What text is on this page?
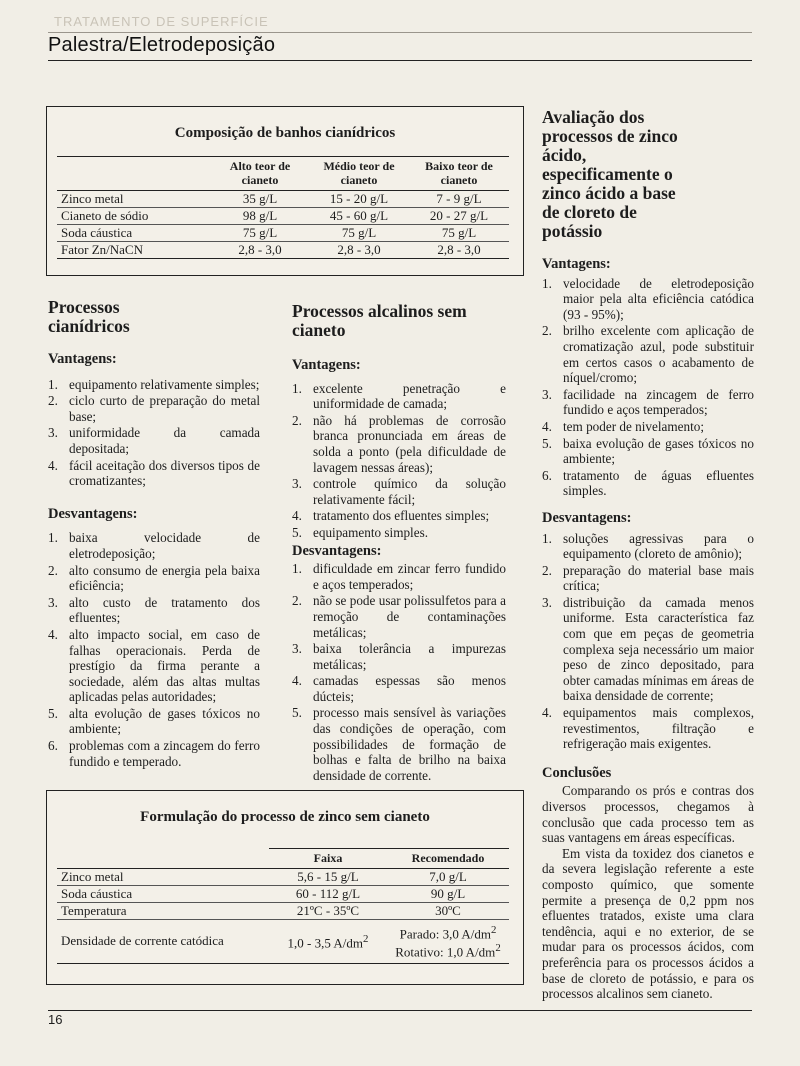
TRATAMENTO DE SUPERFÍCIE
Palestra/Eletrodeposição
Composição de banhos cianídricos
	Alto teor de cianeto	Médio teor de cianeto	Baixo teor de cianeto
Zinco metal	35 g/L	15 - 20 g/L	7 - 9 g/L
Cianeto de sódio	98 g/L	45 - 60 g/L	20 - 27 g/L
Soda cáustica	75 g/L	75 g/L	75 g/L
Fator Zn/NaCN	2,8 - 3,0	2,8 - 3,0	2,8 - 3,0
Processos cianídricos
Vantagens:
1. equipamento relativamente simples;
2. ciclo curto de preparação do metal base;
3. uniformidade da camada depositada;
4. fácil aceitação dos diversos tipos de cromatizantes;
Desvantagens:
1. baixa velocidade de eletrodeposição;
2. alto consumo de energia pela baixa eficiência;
3. alto custo de tratamento dos efluentes;
4. alto impacto social, em caso de falhas operacionais. Perda de prestígio da firma perante a sociedade, além das altas multas aplicadas pelas autoridades;
5. alta evolução de gases tóxicos no ambiente;
6. problemas com a zincagem do ferro fundido e temperado.
Processos alcalinos sem cianeto
Vantagens:
1. excelente penetração e uniformidade de camada;
2. não há problemas de corrosão branca pronunciada em áreas de solda a ponto (pela dificuldade de lavagem nessas áreas);
3. controle químico da solução relativamente fácil;
4. tratamento dos efluentes simples;
5. equipamento simples.
Desvantagens:
1. dificuldade em zincar ferro fundido e aços temperados;
2. não se pode usar polissulfetos para a remoção de contaminações metálicas;
3. baixa tolerância a impurezas metálicas;
4. camadas espessas são menos dúcteis;
5. processo mais sensível às variações das condições de operação, com possibilidades de formação de bolhas e falta de brilho na baixa densidade de corrente.
Avaliação dos processos de zinco ácido, especificamente o zinco ácido a base de cloreto de potássio
Vantagens:
1. velocidade de eletrodeposição maior pela alta eficiência catódica (93 - 95%);
2. brilho excelente com aplicação de cromatização azul, pode substituir em certos casos o acabamento de níquel/cromo;
3. facilidade na zincagem de ferro fundido e aços temperados;
4. tem poder de nivelamento;
5. baixa evolução de gases tóxicos no ambiente;
6. tratamento de águas efluentes simples.
Desvantagens:
1. soluções agressivas para o equipamento (cloreto de amônio);
2. preparação do material base mais crítica;
3. distribuição da camada menos uniforme. Esta característica faz com que em peças de geometria complexa seja necessário um maior peso de zinco depositado, para obter camadas mínimas em áreas de baixa densidade de corrente;
4. equipamentos mais complexos, revestimentos, filtração e refrigeração mais exigentes.
Conclusões

Comparando os prós e contras dos diversos processos, chegamos à conclusão que cada processo tem as suas vantagens em áreas específicas.

Em vista da toxidez dos cianetos e da severa legislação referente a este composto químico, que somente permite a presença de 0,2 ppm nos efluentes tratados, existe uma clara tendência, aqui e no exterior, de se mudar para os processos ácidos, com preferência para os processos ácidos a base de cloreto de potássio, e para os processos alcalinos sem cianeto.

Formulação do processo de zinco sem cianeto
	Faixa	Recomendado
Zinco metal	5,6 - 15 g/L	7,0 g/L
Soda cáustica	60 - 112 g/L	90 g/L
Temperatura	21ºC - 35ºC	30ºC
Densidade de corrente catódica	1,0 - 3,5 $A/dm^2$	Parado: 3,0 $A/dm^2$
Rotativo: 1,0 $A/dm^2$
16
